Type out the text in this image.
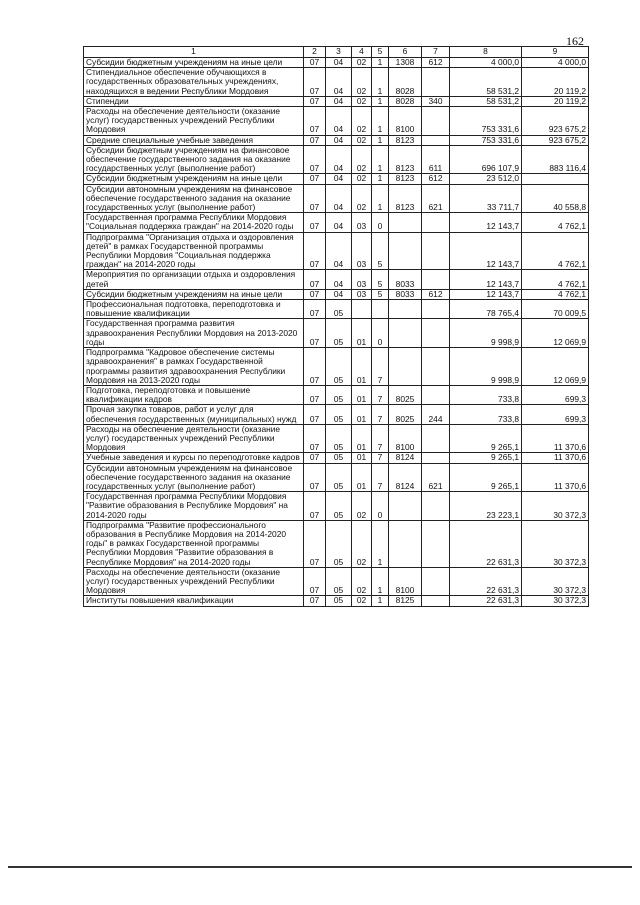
162
1	2	3	4	5	6	7	8	9
Субсидии бюджетным учреждениям на иные цели	07	04	02	1	1308	612	4 000,0	4 000,0
Стипендиальное обеспечение обучающихся в государственных образовательных учреждениях, находящихся в ведении Республики Мордовия	07	04	02	1	8028		58 531,2	20 119,2
Стипендии	07	04	02	1	8028	340	58 531,2	20 119,2
Расходы на обеспечение деятельности (оказание услуг) государственных учреждений Республики Мордовия	07	04	02	1	8100		753 331,6	923 675,2
Средние специальные учебные заведения	07	04	02	1	8123		753 331,6	923 675,2
Субсидии бюджетным учреждениям на финансовое обеспечение государственного задания на оказание государственных услуг (выполнение работ)	07	04	02	1	8123	611	696 107,9	883 116,4
Субсидии бюджетным учреждениям на иные цели	07	04	02	1	8123	612	23 512,0	
Субсидии автономным учреждениям на финансовое обеспечение государственного задания на оказание государственных услуг (выполнение работ)	07	04	02	1	8123	621	33 711,7	40 558,8
Государственная программа Республики Мордовия "Социальная поддержка граждан" на 2014-2020 годы	07	04	03	0			12 143,7	4 762,1
Подпрограмма "Организация отдыха и оздоровления детей" в рамках Государственной программы Республики Мордовия "Социальная поддержка граждан" на 2014-2020 годы	07	04	03	5			12 143,7	4 762,1
Мероприятия по организации отдыха и оздоровления детей	07	04	03	5	8033		12 143,7	4 762,1
Субсидии бюджетным учреждениям на иные цели	07	04	03	5	8033	612	12 143,7	4 762,1
Профессиональная подготовка, переподготовка и повышение квалификации	07	05					78 765,4	70 009,5
Государственная программа развития здравоохранения Республики Мордовия на 2013-2020 годы	07	05	01	0			9 998,9	12 069,9
Подпрограмма "Кадровое обеспечение системы здравоохранения" в рамках Государственной программы развития здравоохранения Республики Мордовия на 2013-2020 годы	07	05	01	7			9 998,9	12 069,9
Подготовка, переподготовка и повышение квалификации кадров	07	05	01	7	8025		733,8	699,3
Прочая закупка товаров, работ и услуг для обеспечения государственных (муниципальных) нужд	07	05	01	7	8025	244	733,8	699,3
Расходы на обеспечение деятельности (оказание услуг) государственных учреждений Республики Мордовия	07	05	01	7	8100		9 265,1	11 370,6
Учебные заведения и курсы по переподготовке кадров	07	05	01	7	8124		9 265,1	11 370,6
Субсидии автономным учреждениям на финансовое обеспечение государственного задания на оказание государственных услуг (выполнение работ)	07	05	01	7	8124	621	9 265,1	11 370,6
Государственная программа Республики Мордовия "Развитие образования в Республике Мордовия" на 2014-2020 годы	07	05	02	0			23 223,1	30 372,3
Подпрограмма "Развитие профессионального образования в Республике Мордовия на 2014-2020 годы" в рамках Государственной программы Республики Мордовия "Развитие образования в Республике Мордовия" на 2014-2020 годы	07	05	02	1			22 631,3	30 372,3
Расходы на обеспечение деятельности (оказание услуг) государственных учреждений Республики Мордовия	07	05	02	1	8100		22 631,3	30 372,3
Институты повышения квалификации	07	05	02	1	8125		22 631,3	30 372,3
